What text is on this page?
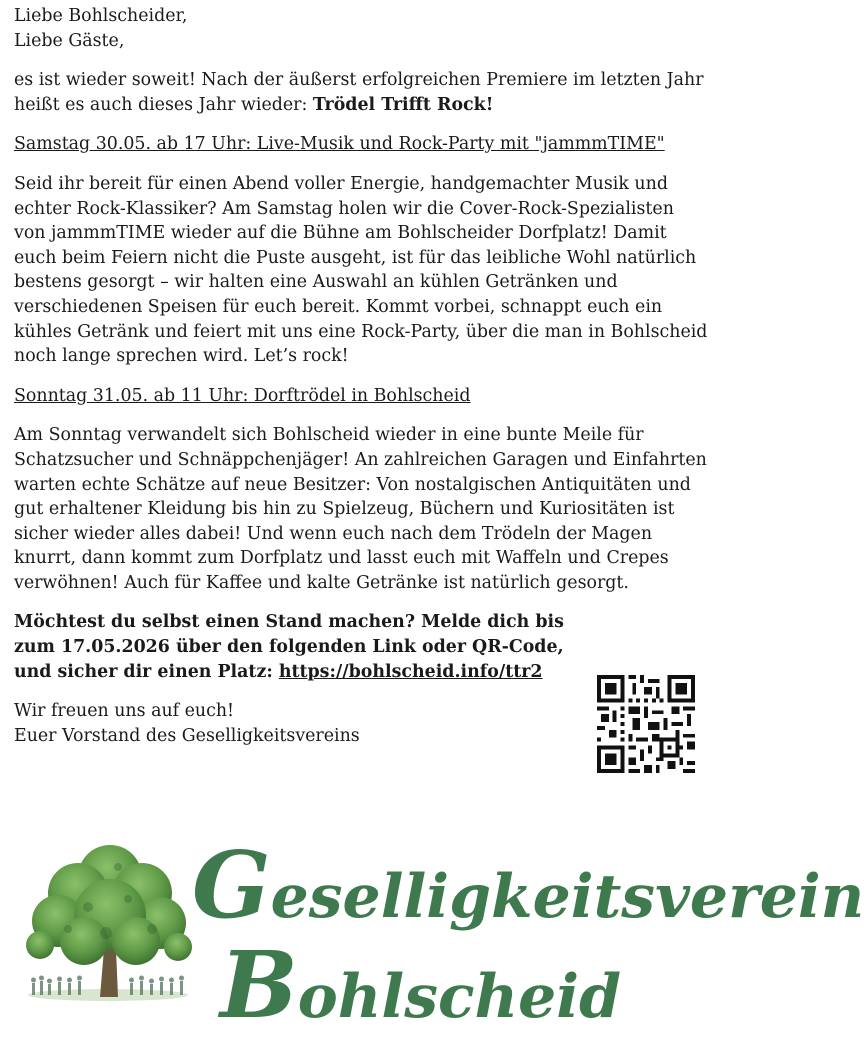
Liebe Bohlscheider,
Liebe Gäste,

es ist wieder soweit! Nach der äußerst erfolgreichen Premiere im letzten Jahr heißt es auch dieses Jahr wieder: Trödel Trifft Rock!

Samstag 30.05. ab 17 Uhr: Live-Musik und Rock-Party mit "jammmTIME"

Seid ihr bereit für einen Abend voller Energie, handgemachter Musik und echter Rock-Klassiker? Am Samstag holen wir die Cover-Rock-Spezialisten von jammmTIME wieder auf die Bühne am Bohlscheider Dorfplatz! Damit euch beim Feiern nicht die Puste ausgeht, ist für das leibliche Wohl natürlich bestens gesorgt – wir halten eine Auswahl an kühlen Getränken und verschiedenen Speisen für euch bereit. Kommt vorbei, schnappt euch ein kühles Getränk und feiert mit uns eine Rock-Party, über die man in Bohlscheid noch lange sprechen wird. Let’s rock!

Sonntag 31.05. ab 11 Uhr: Dorftrödel in Bohlscheid

Am Sonntag verwandelt sich Bohlscheid wieder in eine bunte Meile für Schatzsucher und Schnäppchenjäger! An zahlreichen Garagen und Einfahrten warten echte Schätze auf neue Besitzer: Von nostalgischen Antiquitäten und gut erhaltener Kleidung bis hin zu Spielzeug, Büchern und Kuriositäten ist sicher wieder alles dabei! Und wenn euch nach dem Trödeln der Magen knurrt, dann kommt zum Dorfplatz und lasst euch mit Waffeln und Crepes verwöhnen! Auch für Kaffee und kalte Getränke ist natürlich gesorgt.

Möchtest du selbst einen Stand machen? Melde dich bis
zum 17.05.2026 über den folgenden Link oder QR-Code,
und sicher dir einen Platz: https://bohlscheid.info/ttr2

Wir freuen uns auf euch!
Euer Vorstand des Geselligkeitsvereins

Geselligkeitsverein
Bohlscheid
